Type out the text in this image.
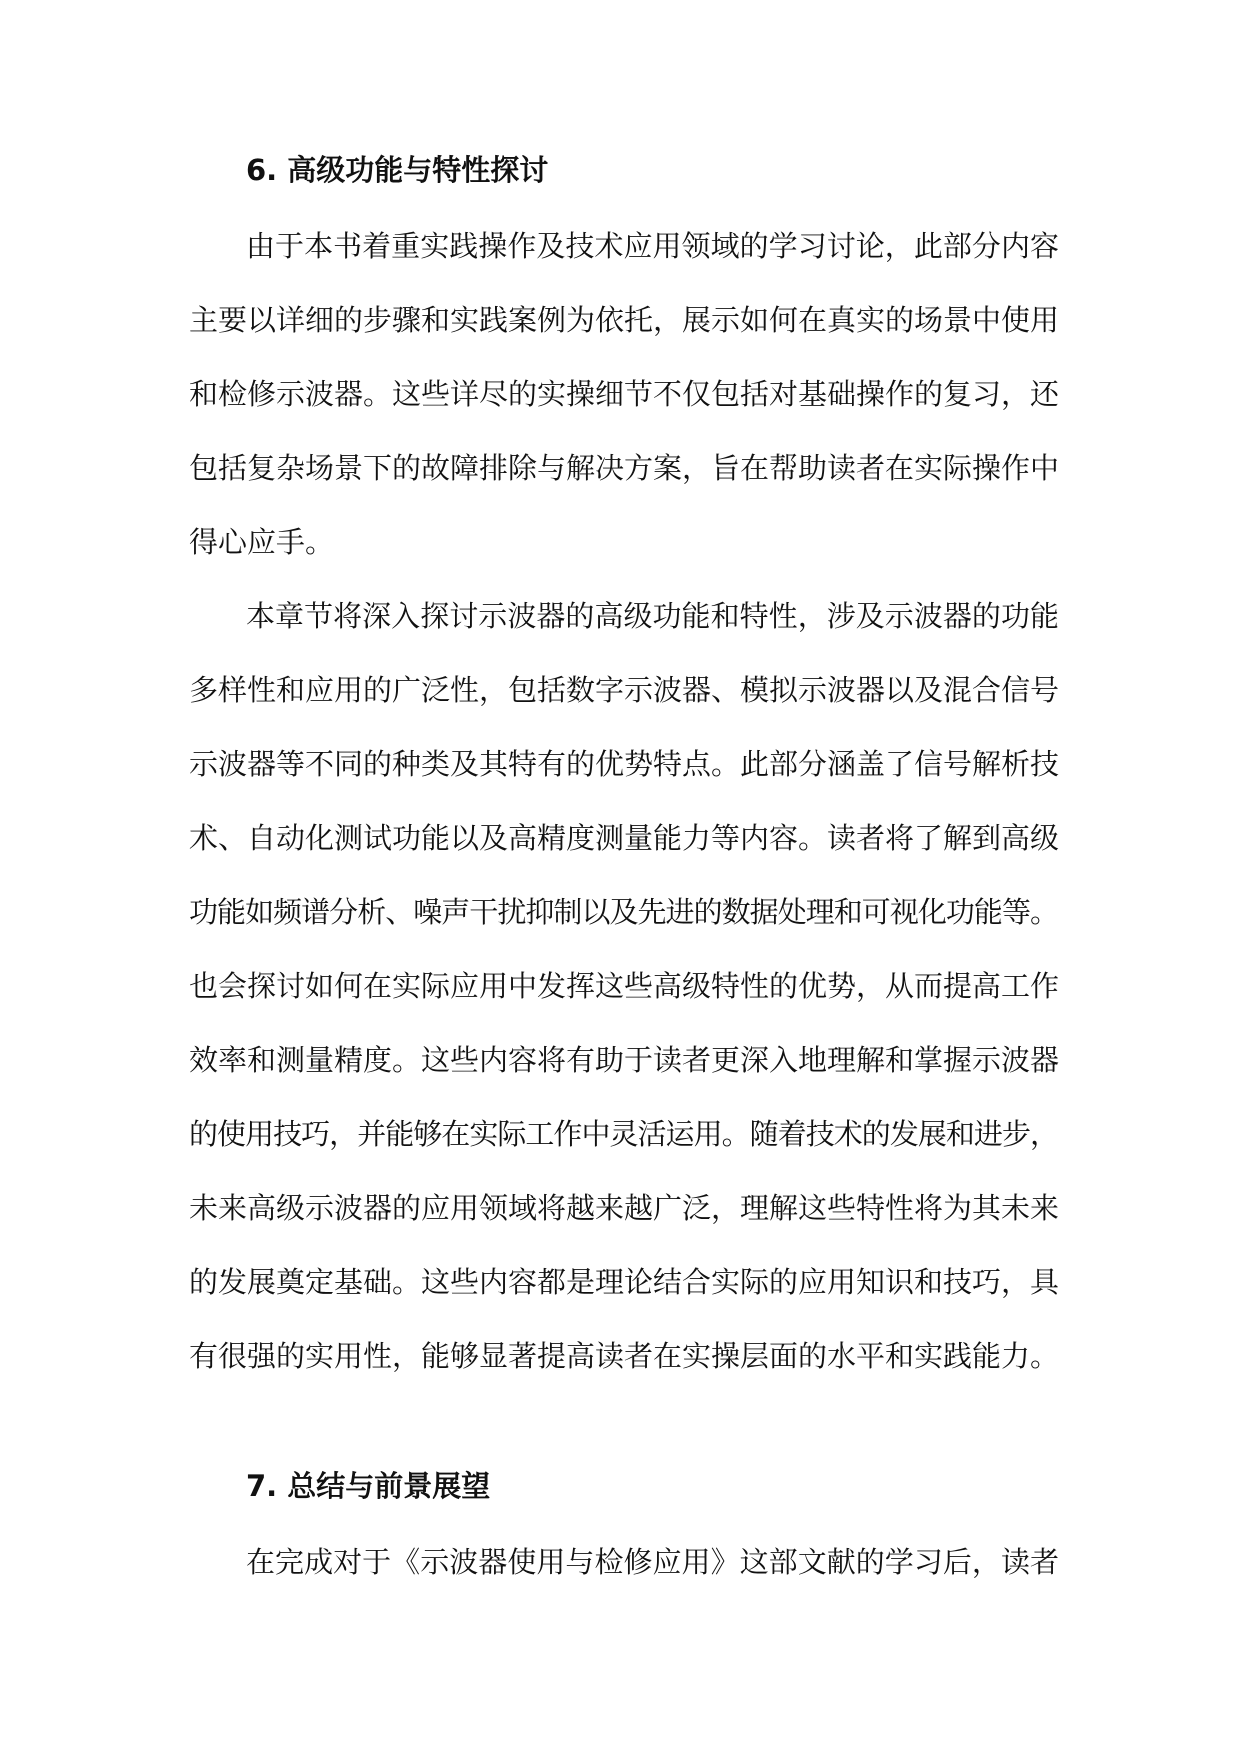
6. 高级功能与特性探讨
由于本书着重实践操作及技术应用领域的学习讨论，此部分内容
主要以详细的步骤和实践案例为依托，展示如何在真实的场景中使用
和检修示波器。这些详尽的实操细节不仅包括对基础操作的复习，还
包括复杂场景下的故障排除与解决方案，旨在帮助读者在实际操作中
得心应手。
本章节将深入探讨示波器的高级功能和特性，涉及示波器的功能
多样性和应用的广泛性，包括数字示波器、模拟示波器以及混合信号
示波器等不同的种类及其特有的优势特点。此部分涵盖了信号解析技
术、自动化测试功能以及高精度测量能力等内容。读者将了解到高级
功能如频谱分析、噪声干扰抑制以及先进的数据处理和可视化功能等。
也会探讨如何在实际应用中发挥这些高级特性的优势，从而提高工作
效率和测量精度。这些内容将有助于读者更深入地理解和掌握示波器
的使用技巧，并能够在实际工作中灵活运用。随着技术的发展和进步，
未来高级示波器的应用领域将越来越广泛，理解这些特性将为其未来
的发展奠定基础。这些内容都是理论结合实际的应用知识和技巧，具
有很强的实用性，能够显著提高读者在实操层面的水平和实践能力。
7. 总结与前景展望
在完成对于《示波器使用与检修应用》这部文献的学习后，读者
